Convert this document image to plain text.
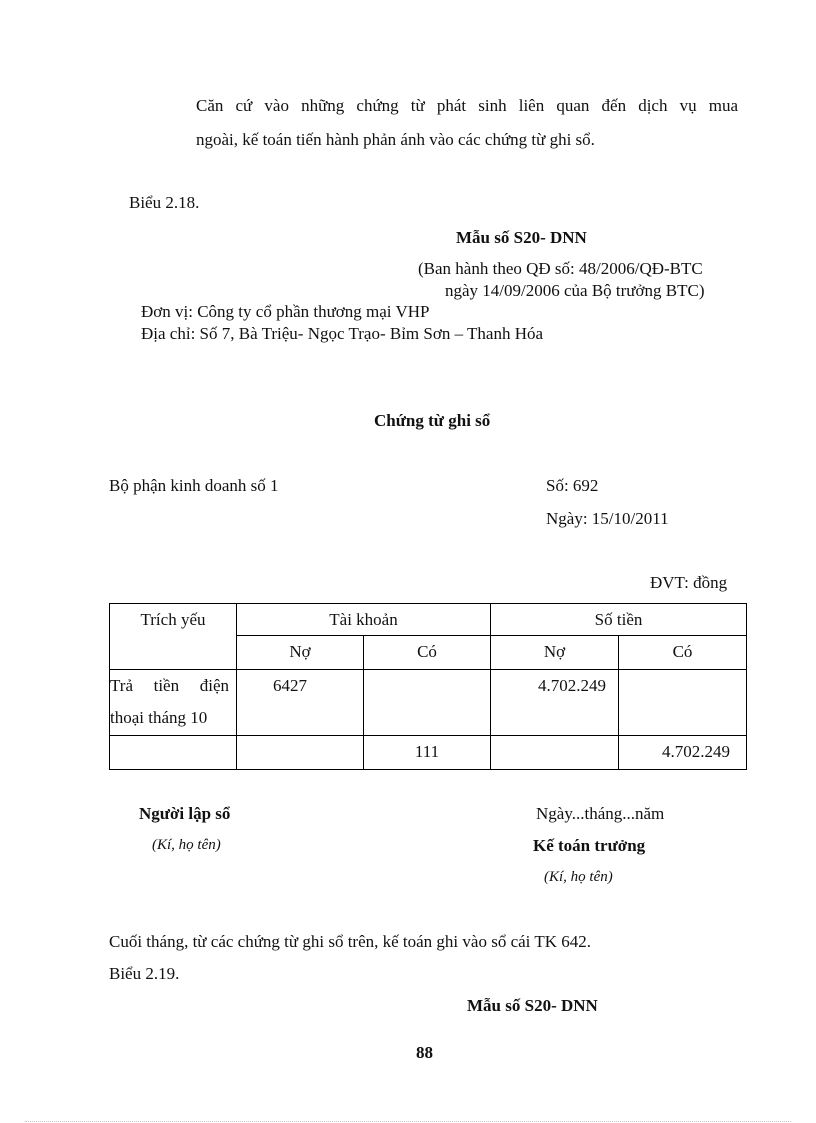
Căn cứ vào những chứng từ phát sinh liên quan đến dịch vụ mua
ngoài, kế toán tiến hành phản ánh vào các chứng từ ghi sổ.
Biểu 2.18.
Mẫu số S20- DNN
(Ban hành theo QĐ số: 48/2006/QĐ-BTC
ngày 14/09/2006 của Bộ trưởng BTC)
Đơn vị: Công ty cổ phần thương mại VHP
Địa chỉ: Số 7, Bà Triệu- Ngọc Trạo- Bỉm Sơn – Thanh Hóa
Chứng từ ghi sổ
Bộ phận kinh doanh số 1	Số: 692
Ngày: 15/10/2011
ĐVT: đồng
Trích yếu	Tài khoản		Số tiền	
	Nợ	Có	Nợ	Có

Trả tiền điện
thoại tháng 10	6427		4.702.249	
		111		4.702.249
Người lập sổ
(Kí, họ tên)
Ngày...tháng...năm
Kế toán trưởng
(Kí, họ tên)
Cuối tháng, từ các chứng từ ghi sổ trên, kế toán ghi vào sổ cái TK 642.
Biểu 2.19.
Mẫu số S20- DNN
88
